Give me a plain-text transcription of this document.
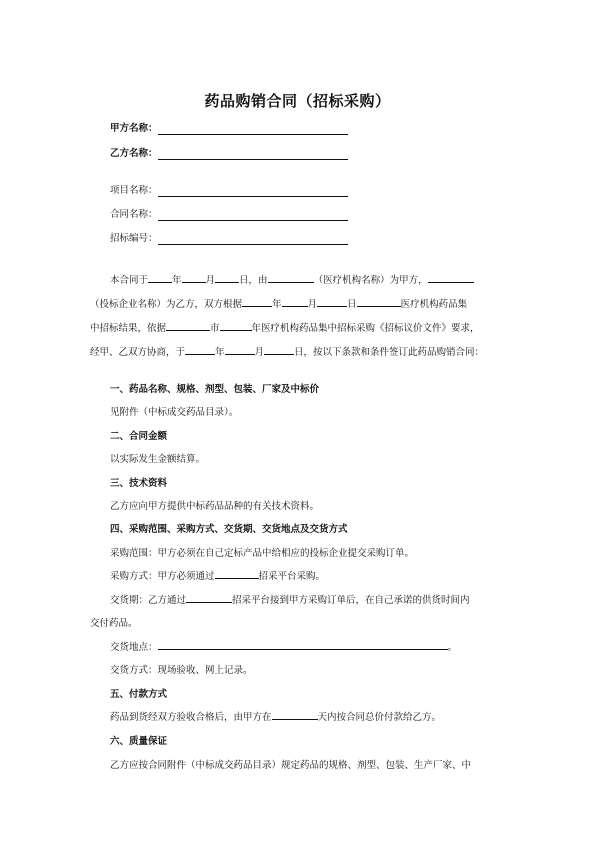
药品购销合同（招标采购）
甲方名称：
乙方名称：
项目名称：
合同名称：
招标编号：
本合同于	年	月	日，由	（医疗机构名称）为甲方，
（投标企业名称）为乙方，双方根据	年	月	日	医疗机构药品集
中招标结果，依据	市	年医疗机构药品集中招标采购《招标议价文件》要求，
经甲、乙双方协商，于	年	月	日，按以下条款和条件签订此药品购销合同：
一、药品名称、规格、剂型、包装、厂家及中标价
见附件（中标成交药品目录）。
二、合同金额
以实际发生金额结算。
三、技术资料
乙方应向甲方提供中标药品品种的有关技术资料。
四、采购范围、采购方式、交货期、交货地点及交货方式
采购范围：甲方必须在自己定标产品中给相应的投标企业提交采购订单。
采购方式：甲方必须通过	招采平台采购。
交货期：乙方通过	招采平台接到甲方采购订单后，在自己承诺的供货时间内
交付药品。
交货地点：	。
交货方式：现场验收、网上记录。
五、付款方式
药品到货经双方验收合格后，由甲方在	天内按合同总价付款给乙方。
六、质量保证
乙方应按合同附件（中标成交药品目录）规定药品的规格、剂型、包装、生产厂家、中
